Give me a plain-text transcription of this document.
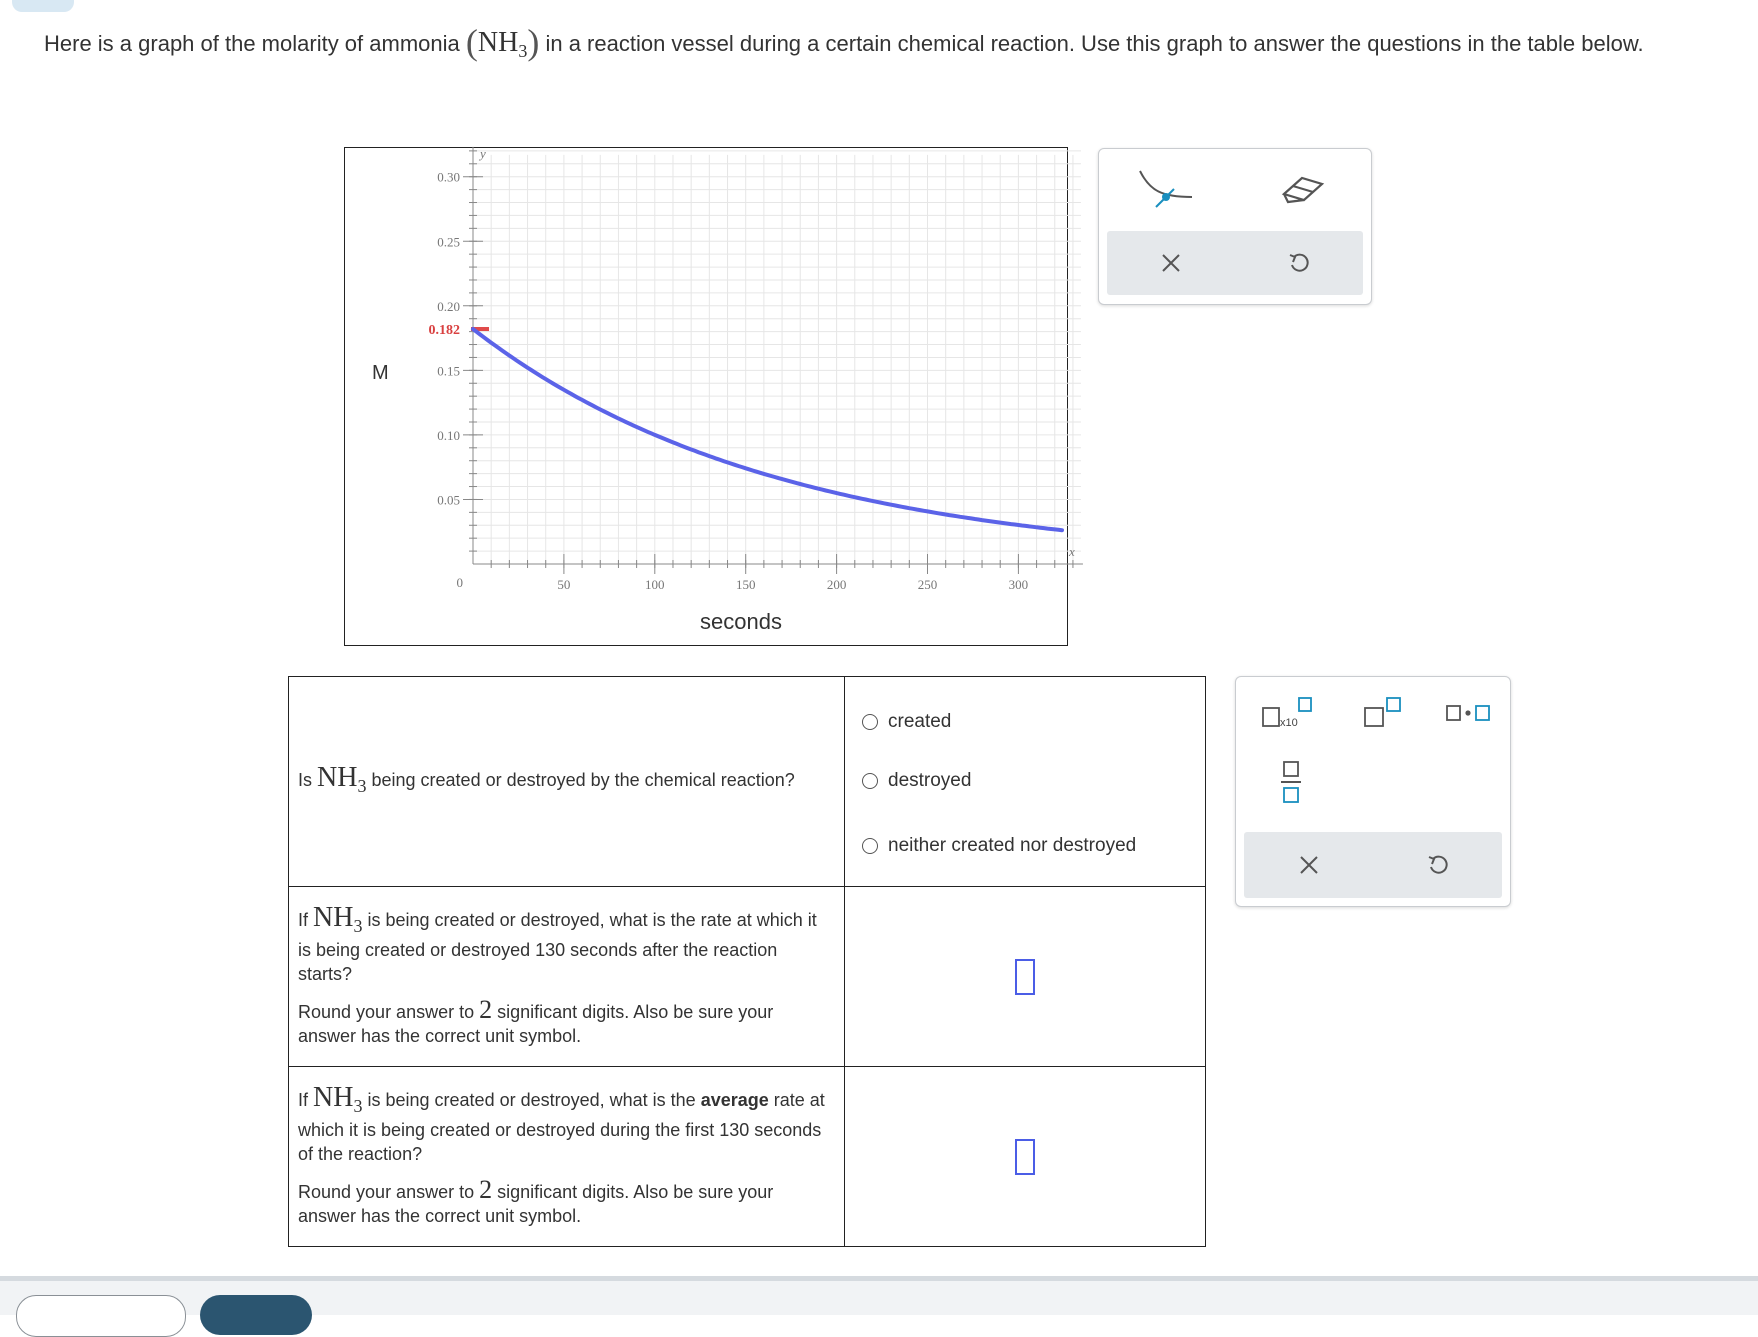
Here is a graph of the molarity of ammonia $(NH_3)$ in a reaction vessel during a certain chemical reaction. Use this graph to answer the questions in the table below.
50	100	150	200	250	300
0.05
0.10
0.15
0.20
0.25
0.30
0
y
x
0.182
M
seconds
Is $NH_3$ being created or destroyed by the chemical reaction?	created
destroyed
neither created nor destroyed

If $NH_3$ is being created or destroyed, what is the rate at which it is being created or destroyed 130 seconds after the reaction starts?

Round your answer to 2 significant digits. Also be sure your answer has the correct unit symbol.	

If $NH_3$ is being created or destroyed, what is the average rate at which it is being created or destroyed during the first 130 seconds of the reaction?

Round your answer to 2 significant digits. Also be sure your answer has the correct unit symbol.	

x10
